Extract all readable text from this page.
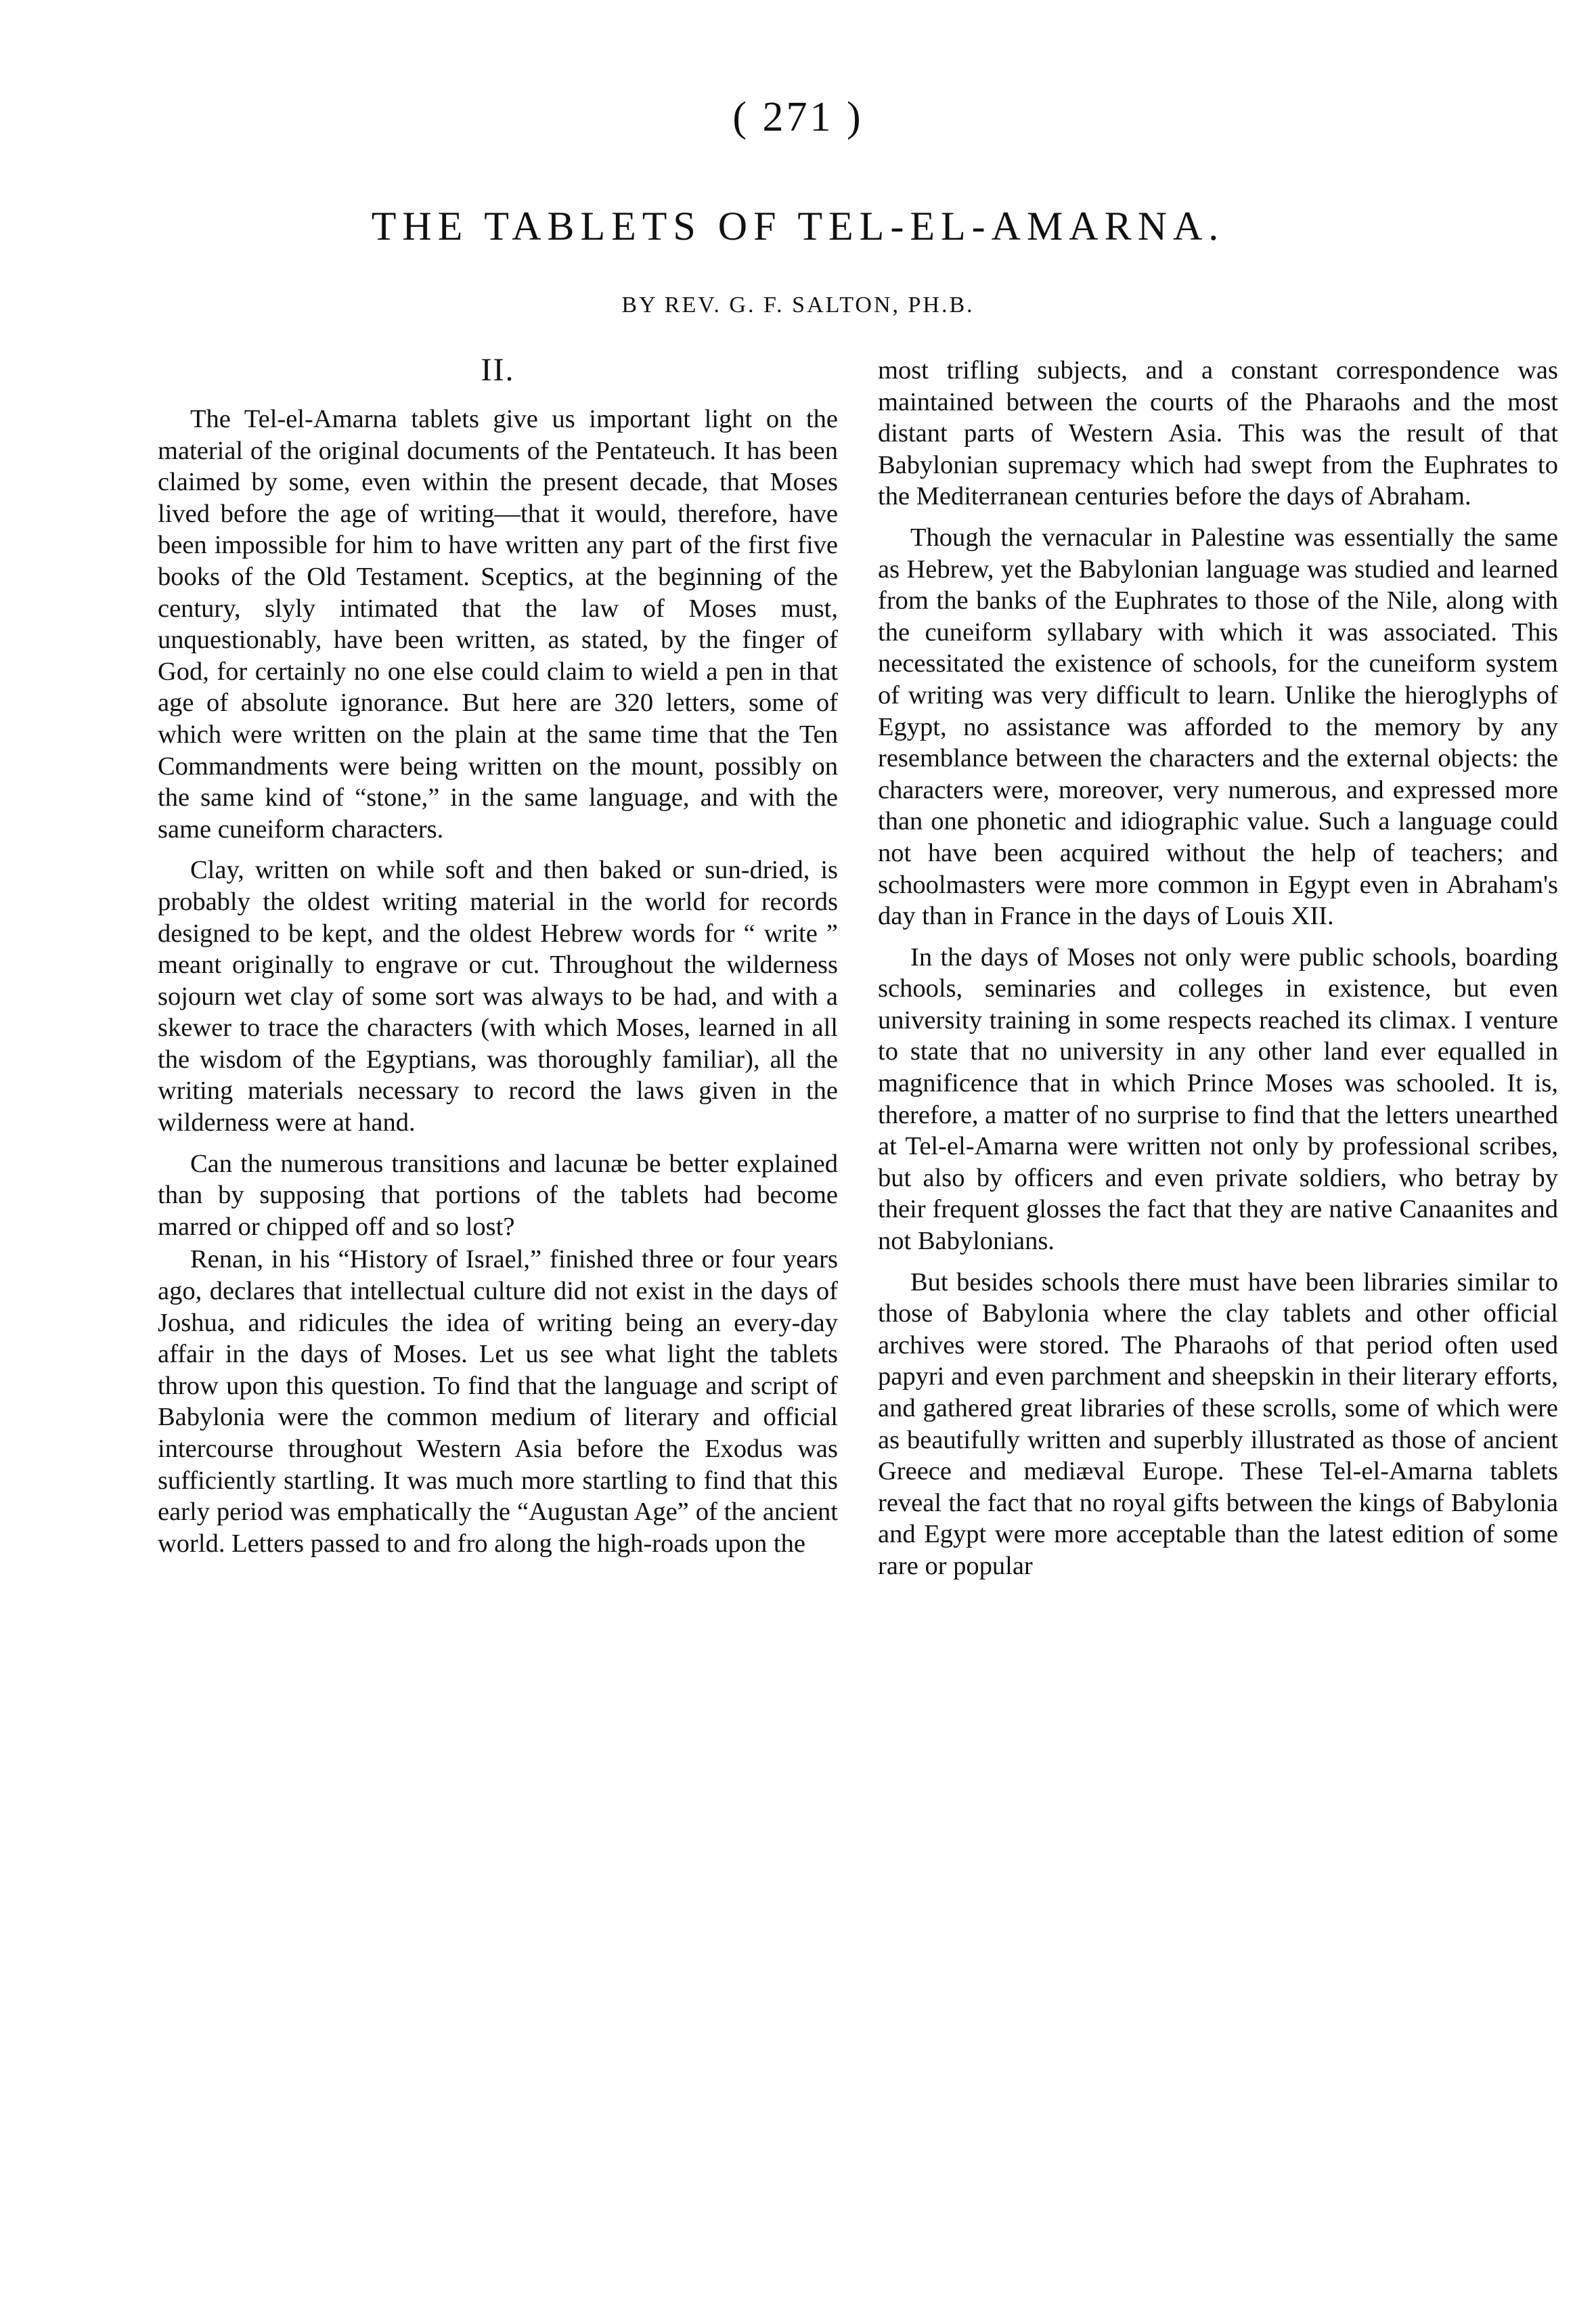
( 271 )
THE TABLETS OF TEL-EL-AMARNA.
BY REV. G. F. SALTON, PH.B.
II.

The Tel-el-Amarna tablets give us important light on the material of the original documents of the Pentateuch. It has been claimed by some, even within the present decade, that Moses lived before the age of writing—that it would, therefore, have been impossible for him to have written any part of the first five books of the Old Testament. Sceptics, at the beginning of the century, slyly intimated that the law of Moses must, unquestionably, have been written, as stated, by the finger of God, for certainly no one else could claim to wield a pen in that age of absolute ignorance. But here are 320 letters, some of which were written on the plain at the same time that the Ten Commandments were being written on the mount, possibly on the same kind of “stone,” in the same language, and with the same cuneiform characters.

Clay, written on while soft and then baked or sun-dried, is probably the oldest writing material in the world for records designed to be kept, and the oldest Hebrew words for “ write ” meant originally to engrave or cut. Throughout the wilderness sojourn wet clay of some sort was always to be had, and with a skewer to trace the characters (with which Moses, learned in all the wisdom of the Egyptians, was thoroughly familiar), all the writing materials necessary to record the laws given in the wilderness were at hand.

Can the numerous transitions and lacunæ be better explained than by supposing that portions of the tablets had become marred or chipped off and so lost?

Renan, in his “History of Israel,” finished three or four years ago, declares that intellectual culture did not exist in the days of Joshua, and ridicules the idea of writing being an every-day affair in the days of Moses. Let us see what light the tablets throw upon this question. To find that the language and script of Babylonia were the common medium of literary and official intercourse throughout Western Asia before the Exodus was sufficiently startling. It was much more startling to find that this early period was emphatically the “Augustan Age” of the ancient world. Letters passed to and fro along the high-roads upon the

most trifling subjects, and a constant correspondence was maintained between the courts of the Pharaohs and the most distant parts of Western Asia. This was the result of that Babylonian supremacy which had swept from the Euphrates to the Mediterranean centuries before the days of Abraham.

Though the vernacular in Palestine was essentially the same as Hebrew, yet the Babylonian language was studied and learned from the banks of the Euphrates to those of the Nile, along with the cuneiform syllabary with which it was associated. This necessitated the existence of schools, for the cuneiform system of writing was very difficult to learn. Unlike the hieroglyphs of Egypt, no assistance was afforded to the memory by any resemblance between the characters and the external objects: the characters were, moreover, very numerous, and expressed more than one phonetic and idiographic value. Such a language could not have been acquired without the help of teachers; and schoolmasters were more common in Egypt even in Abraham's day than in France in the days of Louis XII.

In the days of Moses not only were public schools, boarding schools, seminaries and colleges in existence, but even university training in some respects reached its climax. I venture to state that no university in any other land ever equalled in magnificence that in which Prince Moses was schooled. It is, therefore, a matter of no surprise to find that the letters unearthed at Tel-el-Amarna were written not only by professional scribes, but also by officers and even private soldiers, who betray by their frequent glosses the fact that they are native Canaanites and not Babylonians.

But besides schools there must have been libraries similar to those of Babylonia where the clay tablets and other official archives were stored. The Pharaohs of that period often used papyri and even parchment and sheepskin in their literary efforts, and gathered great libraries of these scrolls, some of which were as beautifully written and superbly illustrated as those of ancient Greece and mediæval Europe. These Tel-el-Amarna tablets reveal the fact that no royal gifts between the kings of Babylonia and Egypt were more acceptable than the latest edition of some rare or popular
